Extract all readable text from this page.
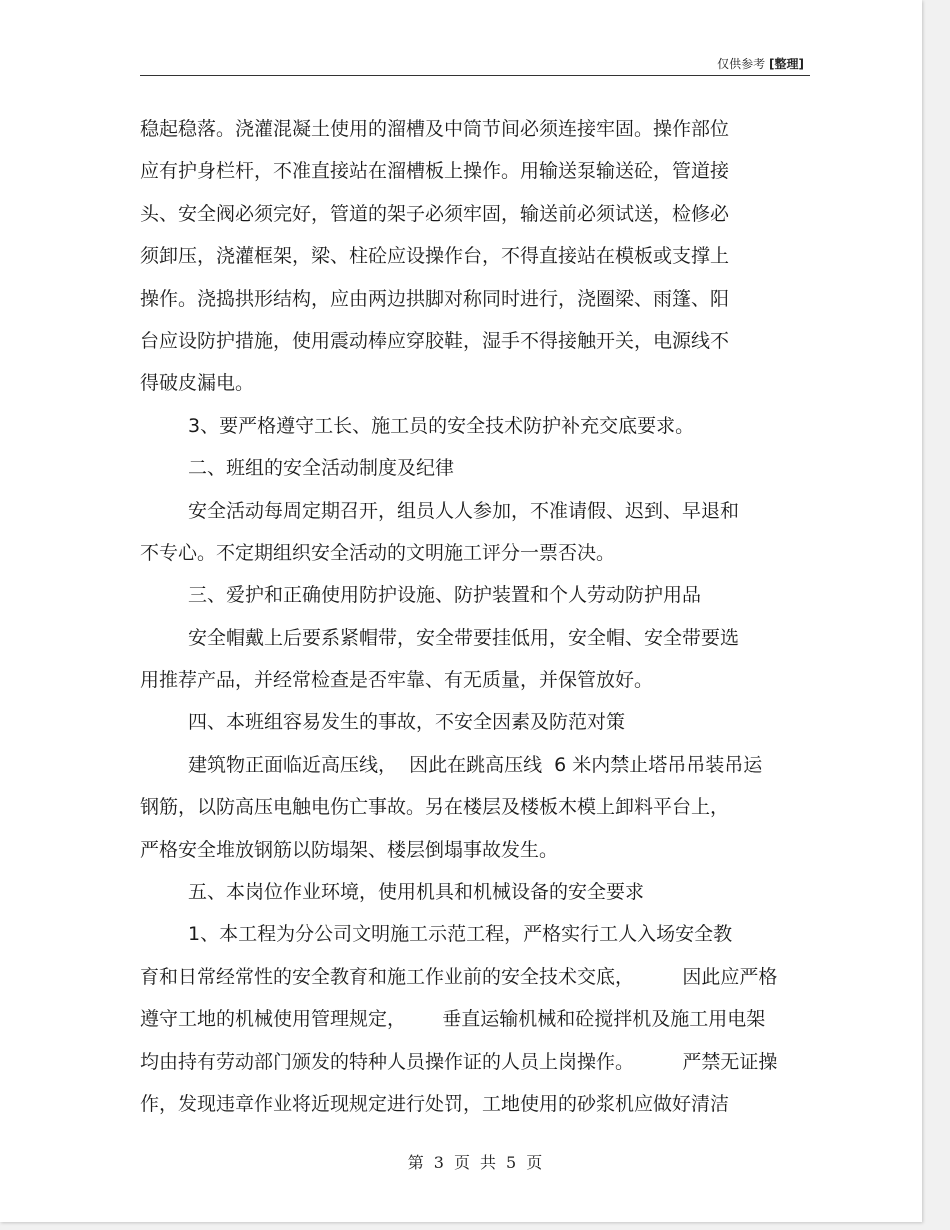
仅供参考 [整理]
稳起稳落。浇灌混凝土使用的溜槽及中筒节间必须连接牢固。操作部位
应有护身栏杆，不准直接站在溜槽板上操作。用输送泵输送砼，管道接
头、安全阀必须完好，管道的架子必须牢固，输送前必须试送，检修必
须卸压，浇灌框架，梁、柱砼应设操作台，不得直接站在模板或支撑上
操作。浇捣拱形结构，应由两边拱脚对称同时进行，浇圈梁、雨篷、阳
台应设防护措施，使用震动棒应穿胶鞋，湿手不得接触开关，电源线不
得破皮漏电。
3、要严格遵守工长、施工员的安全技术防护补充交底要求。
二、班组的安全活动制度及纪律
安全活动每周定期召开，组员人人参加，不准请假、迟到、早退和
不专心。不定期组织安全活动的文明施工评分一票否决。
三、爱护和正确使用防护设施、防护装置和个人劳动防护用品
安全帽戴上后要系紧帽带，安全带要挂低用，安全帽、安全带要选
用推荐产品，并经常检查是否牢靠、有无质量，并保管放好。
四、本班组容易发生的事故，不安全因素及防范对策
建筑物正面临近高压线，  因此在跳高压线  6 米内禁止塔吊吊装吊运
钢筋，以防高压电触电伤亡事故。另在楼层及楼板木模上卸料平台上，
严格安全堆放钢筋以防塌架、楼层倒塌事故发生。
五、本岗位作业环境，使用机具和机械设备的安全要求
1、本工程为分公司文明施工示范工程，严格实行工人入场安全教
育和日常经常性的安全教育和施工作业前的安全技术交底，        因此应严格
遵守工地的机械使用管理规定，      垂直运输机械和砼搅拌机及施工用电架
均由持有劳动部门颁发的特种人员操作证的人员上岗操作。        严禁无证操
作，发现违章作业将近现规定进行处罚，工地使用的砂浆机应做好清洁
第 3 页 共 5 页
